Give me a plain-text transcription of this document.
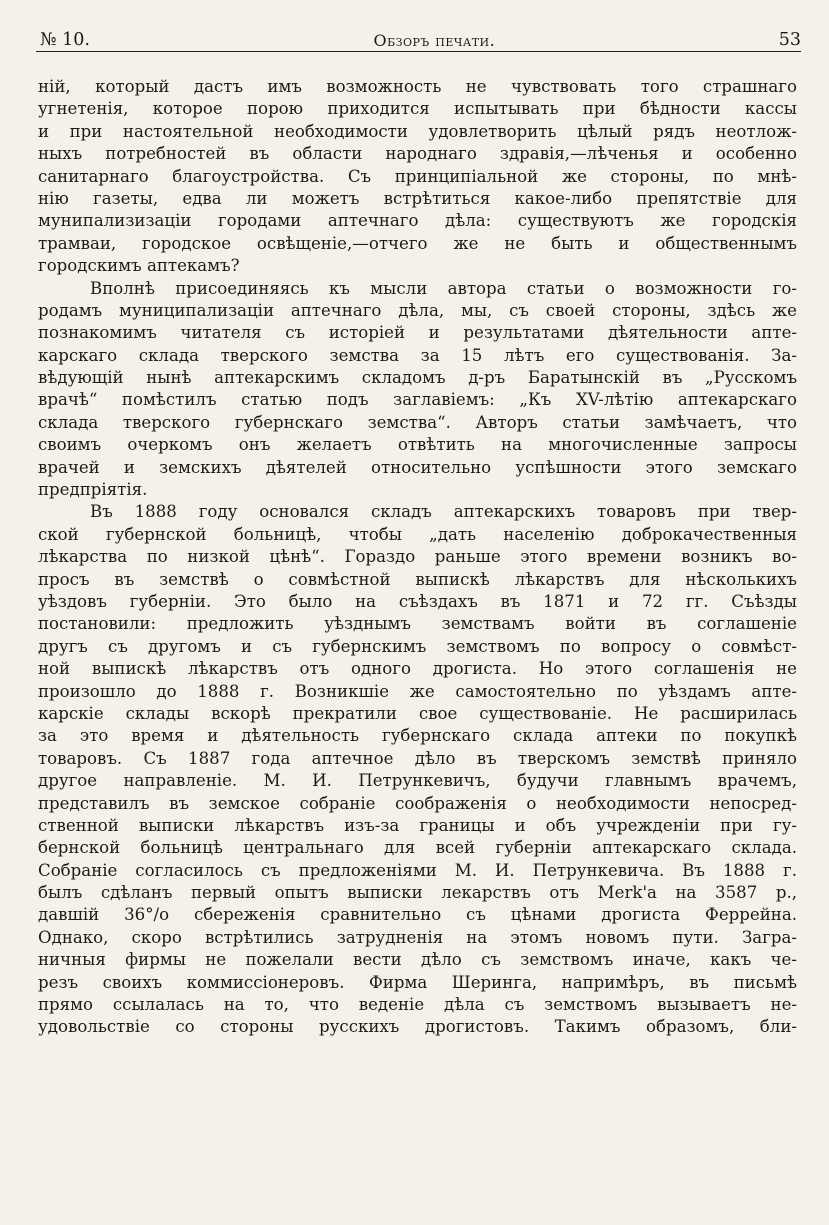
№ 10.	Обзоръ печати.	53
ній, который дастъ имъ возможность не чувствовать того страшнаго
угнетенія, которое порою приходится испытывать при бѣдности кассы
и при настоятельной необходимости удовлетворить цѣлый рядъ неотлож-
ныхъ потребностей въ области народнаго здравія,—лѣченья и особенно
санитарнаго благоустройства. Съ принципіальной же стороны, по мнѣ-
нію газеты, едва ли можетъ встрѣтиться какое-либо препятствіе для
мунипализизаціи городами аптечнаго дѣла: существуютъ же городскія
трамваи, городское освѣщеніе,—отчего же не быть и общественнымъ
городскимъ аптекамъ?
Вполнѣ присоединяясь къ мысли автора статьи о возможности го-
родамъ муниципализаціи аптечнаго дѣла, мы, съ своей стороны, здѣсь же
познакомимъ читателя съ исторіей и результатами дѣятельности апте-
карскаго склада тверского земства за 15 лѣтъ его существованія. За-
вѣдующій нынѣ аптекарскимъ складомъ д-ръ Баратынскій въ „Русскомъ
врачѣ“ помѣстилъ статью подъ заглавіемъ: „Къ XV-лѣтію аптекарскаго
склада тверского губернскаго земства“. Авторъ статьи замѣчаетъ, что
своимъ очеркомъ онъ желаетъ отвѣтить на многочисленные запросы
врачей и земскихъ дѣятелей относительно успѣшности этого земскаго
предпріятія.
Въ 1888 году основался складъ аптекарскихъ товаровъ при твер-
ской губернской больницѣ, чтобы „дать населенію доброкачественныя
лѣкарства по низкой цѣнѣ“. Гораздо раньше этого времени возникъ во-
просъ въ земствѣ о совмѣстной выпискѣ лѣкарствъ для нѣсколькихъ
уѣздовъ губерніи. Это было на съѣздахъ въ 1871 и 72 гг. Съѣзды
постановили: предложить уѣзднымъ земствамъ войти въ соглашеніе
другъ съ другомъ и съ губернскимъ земствомъ по вопросу о совмѣст-
ной выпискѣ лѣкарствъ отъ одного дрогиста. Но этого соглашенія не
произошло до 1888 г. Возникшіе же самостоятельно по уѣздамъ апте-
карскіе склады вскорѣ прекратили свое существованіе. Не расширилась
за это время и дѣятельность губернскаго склада аптеки по покупкѣ
товаровъ. Съ 1887 года аптечное дѣло въ тверскомъ земствѣ приняло
другое направленіе. М. И. Петрункевичъ, будучи главнымъ врачемъ,
представилъ въ земское собраніе соображенія о необходимости непосред-
ственной выписки лѣкарствъ изъ-за границы и объ учрежденіи при гу-
бернской больницѣ центральнаго для всей губерніи аптекарскаго склада.
Собраніе согласилось съ предложеніями М. И. Петрункевича. Въ 1888 г.
былъ сдѣланъ первый опытъ выписки лекарствъ отъ Merk'а на 3587 р.,
давшій 36°/о сбереженія сравнительно съ цѣнами дрогиста Феррейна.
Однако, скоро встрѣтились затрудненія на этомъ новомъ пути. Загра-
ничныя фирмы не пожелали вести дѣло съ земствомъ иначе, какъ че-
резъ своихъ коммиссіонеровъ. Фирма Шеринга, напримѣръ, въ письмѣ
прямо ссылалась на то, что веденіе дѣла съ земствомъ вызываетъ не-
удовольствіе со стороны русскихъ дрогистовъ. Такимъ образомъ, бли-
